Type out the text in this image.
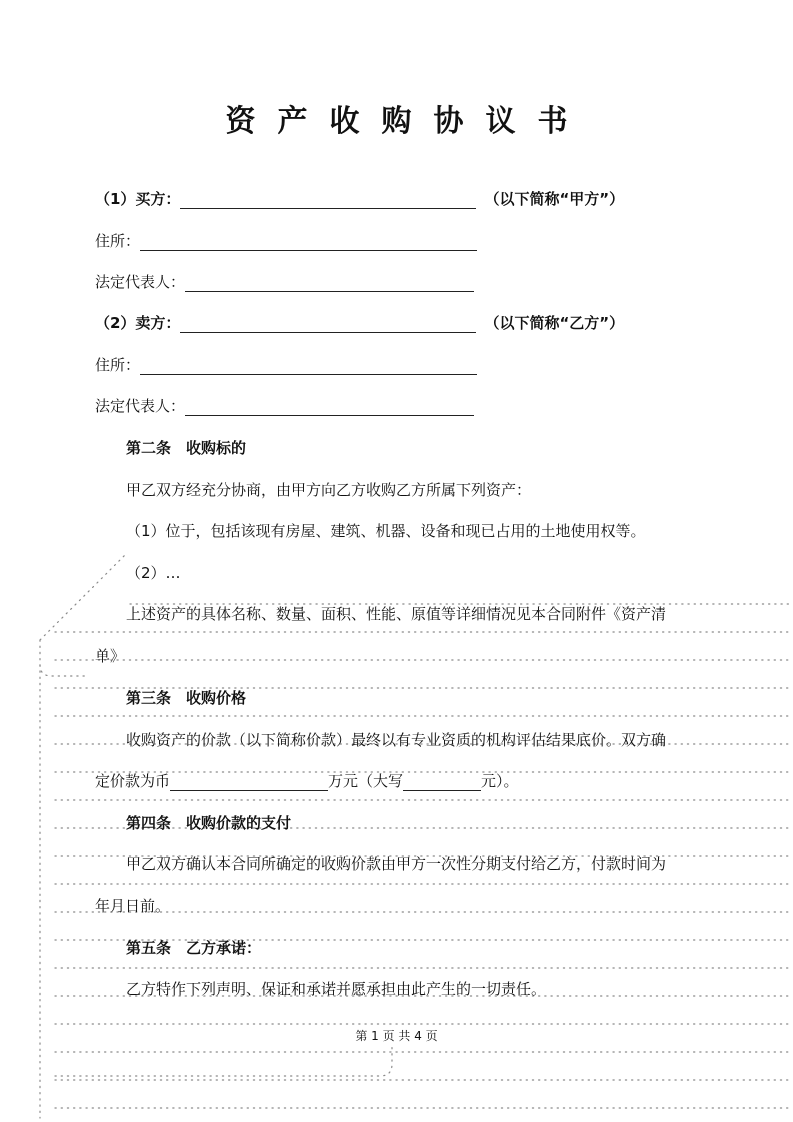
资产收购协议书
（1）买方：	（以下简称“甲方”）
住所：
法定代表人：
（2）卖方：	（以下简称“乙方”）
住所：
法定代表人：
第二条　收购标的
甲乙双方经充分协商，由甲方向乙方收购乙方所属下列资产：
（1）位于，包括该现有房屋、建筑、机器、设备和现已占用的土地使用权等。
（2）…
上述资产的具体名称、数量、面积、性能、原值等详细情况见本合同附件《资产清
单》
第三条　收购价格
收购资产的价款（以下简称价款）最终以有专业资质的机构评估结果底价。双方确
定价款为币	万元（大写	元）。
第四条　收购价款的支付
甲乙双方确认本合同所确定的收购价款由甲方一次性分期支付给乙方，付款时间为
年月日前。
第五条　乙方承诺：
乙方特作下列声明、保证和承诺并愿承担由此产生的一切责任。
第 1 页 共 4 页
